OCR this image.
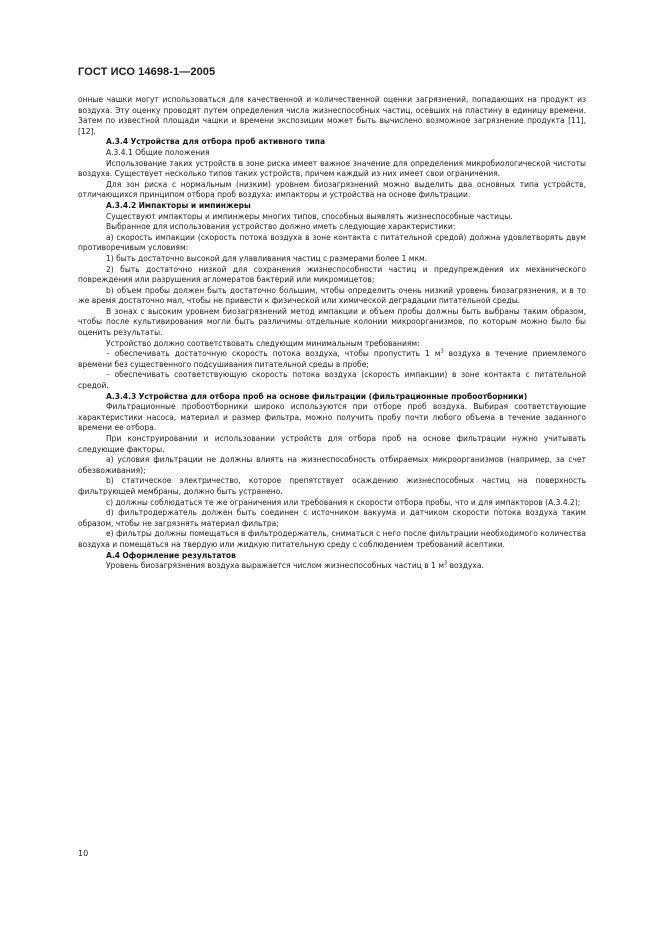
ГОСТ ИСО 14698-1—2005

онные чашки могут использоваться для качественной и количественной оценки загрязнений, попадающих на продукт из воздуха. Эту оценку проводят путем определения числа жизнеспособных частиц, осевших на пластину в единицу времени. Затем по известной площади чашки и времени экспозиции может быть вычислено возможное загрязнение продукта [11], [12].

А.3.4 Устройства для отбора проб активного типа

А.3.4.1 Общие положения

Использование таких устройств в зоне риска имеет важное значение для определения микробиологической чистоты воздуха. Существует несколько типов таких устройств, причем каждый из них имеет свои ограничения.

Для зон риска с нормальным (низким) уровнем биозагрязнений можно выделить два основных типа устройств, отличающихся принципом отбора проб воздуха: импакторы и устройства на основе фильтрации.

А.3.4.2 Импакторы и импинжеры

Существуют импакторы и импинжеры многих типов, способных выявлять жизнеспособные частицы.

Выбранное для использования устройство должно иметь следующие характеристики:

а) скорость импакции (скорость потока воздуха в зоне контакта с питательной средой) должна удовлетворять двум противоречивым условиям:

1) быть достаточно высокой для улавливания частиц с размерами более 1 мкм.

2) быть достаточно низкой для сохранения жизнеспособности частиц и предупреждения их механического повреждения или разрушения агломератов бактерий или микромицетов;

b) объем пробы должен быть достаточно большим, чтобы определить очень низкий уровень биозагрязнения, и в то же время достаточно мал, чтобы не привести к физической или химической деградации питательной среды.

В зонах с высоким уровнем биозагрязнений метод импакции и объем пробы должны быть выбраны таким образом, чтобы после культивирования могли быть различимы отдельные колонии микроорганизмов, по которым можно было бы оценить результаты.

Устройство должно соответствовать следующим минимальным требованиям:

– обеспечивать достаточную скорость потока воздуха, чтобы пропустить 1 $м^3$ воздуха в течение приемлемого времени без существенного подсушивания питательной среды в пробе;

– обеспечивать соответствующую скорость потока воздуха (скорость импакции) в зоне контакта с питательной средой.

А.3.4.3 Устройства для отбора проб на основе фильтрации (фильтрационные пробоотборники)

Фильтрационные пробоотборники широко используются при отборе проб воздуха. Выбирая соответствующие характеристики насоса, материал и размер фильтра, можно получить пробу почти любого объема в течение заданного времени ее отбора.

При конструировании и использовании устройств для отбора проб на основе фильтрации нужно учитывать следующие факторы.

а) условия фильтрации не должны влиять на жизнеспособность отбираемых микроорганизмов (например, за счет обезвоживания);

b) статическое электричество, которое препятствует осаждению жизнеспособных частиц на поверхность фильтрующей мембраны, должно быть устранено.

с) должны соблюдаться те же ограничения или требования к скорости отбора пробы, что и для импакторов (А.3.4.2);

d) фильтродержатель должен быть соединен с источником вакуума и датчиком скорости потока воздуха таким образом, чтобы не загрязнять материал фильтра;

е) фильтры должны помещаться в фильтродержатель, сниматься с него после фильтрации необходимого количества воздуха и помещаться на твердую или жидкую питательную среду с соблюдением требований асептики.

А.4 Оформление результатов

Уровень биозагрязнения воздуха выражается числом жизнеспособных частиц в 1 $м^3$ воздуха.

10
